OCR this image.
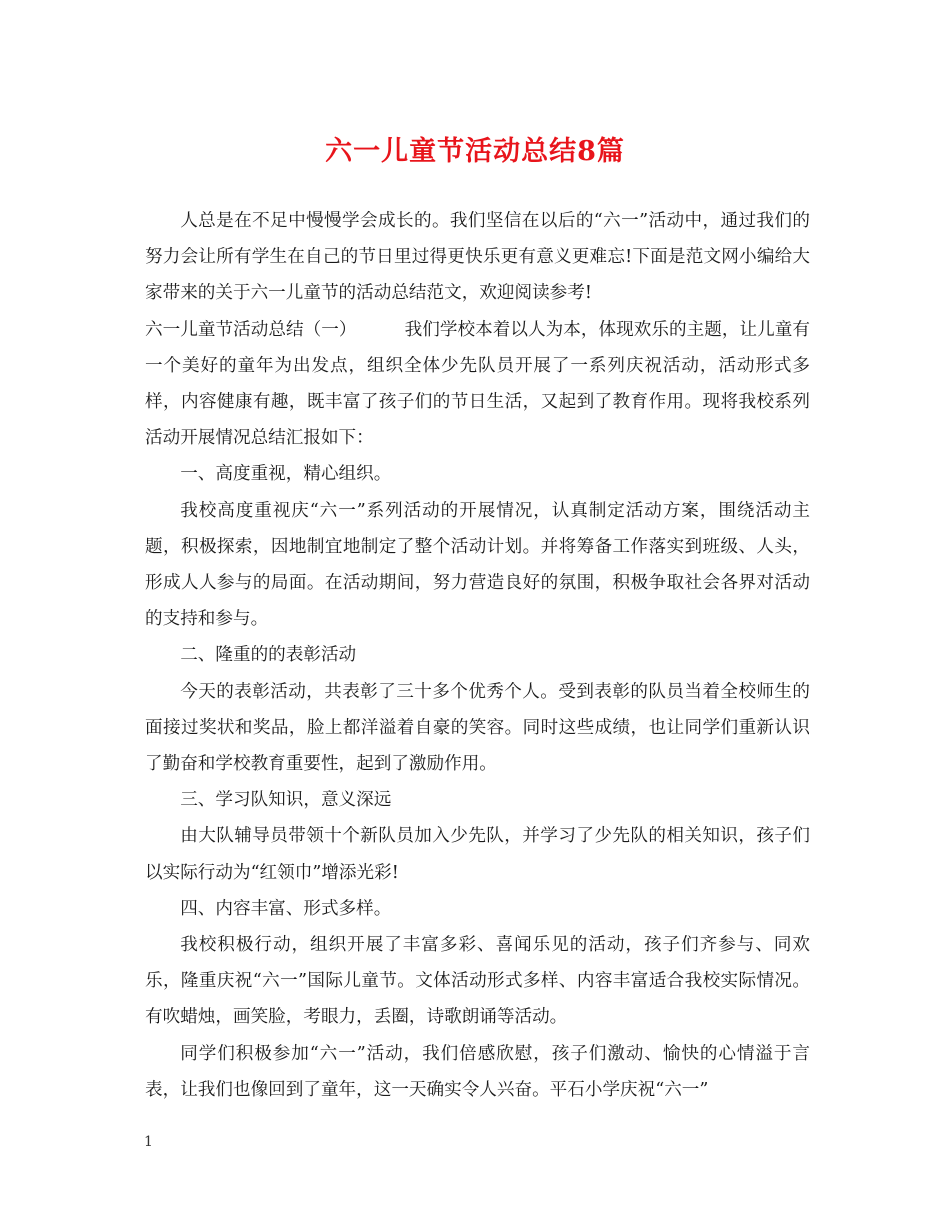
六一儿童节活动总结8篇

人总是在不足中慢慢学会成长的。我们坚信在以后的“六一”活动中，通过我们的努力会让所有学生在自己的节日里过得更快乐更有意义更难忘!下面是范文网小编给大家带来的关于六一儿童节的活动总结范文，欢迎阅读参考!

六一儿童节活动总结（一）	我们学校本着以人为本，体现欢乐的主题，让儿童有一个美好的童年为出发点，组织全体少先队员开展了一系列庆祝活动，活动形式多样，内容健康有趣，既丰富了孩子们的节日生活，又起到了教育作用。现将我校系列活动开展情况总结汇报如下：

一、高度重视，精心组织。

我校高度重视庆“六一”系列活动的开展情况，认真制定活动方案，围绕活动主题，积极探索，因地制宜地制定了整个活动计划。并将筹备工作落实到班级、人头，形成人人参与的局面。在活动期间，努力营造良好的氛围，积极争取社会各界对活动的支持和参与。

二、隆重的的表彰活动

今天的表彰活动，共表彰了三十多个优秀个人。受到表彰的队员当着全校师生的面接过奖状和奖品，脸上都洋溢着自豪的笑容。同时这些成绩，也让同学们重新认识了勤奋和学校教育重要性，起到了激励作用。

三、学习队知识，意义深远

由大队辅导员带领十个新队员加入少先队，并学习了少先队的相关知识，孩子们以实际行动为“红领巾”增添光彩!

四、内容丰富、形式多样。

我校积极行动，组织开展了丰富多彩、喜闻乐见的活动，孩子们齐参与、同欢乐，隆重庆祝“六一”国际儿童节。文体活动形式多样、内容丰富适合我校实际情况。有吹蜡烛，画笑脸，考眼力，丢圈，诗歌朗诵等活动。

同学们积极参加“六一”活动，我们倍感欣慰，孩子们激动、愉快的心情溢于言表，让我们也像回到了童年，这一天确实令人兴奋。平石小学庆祝“六一”

1
